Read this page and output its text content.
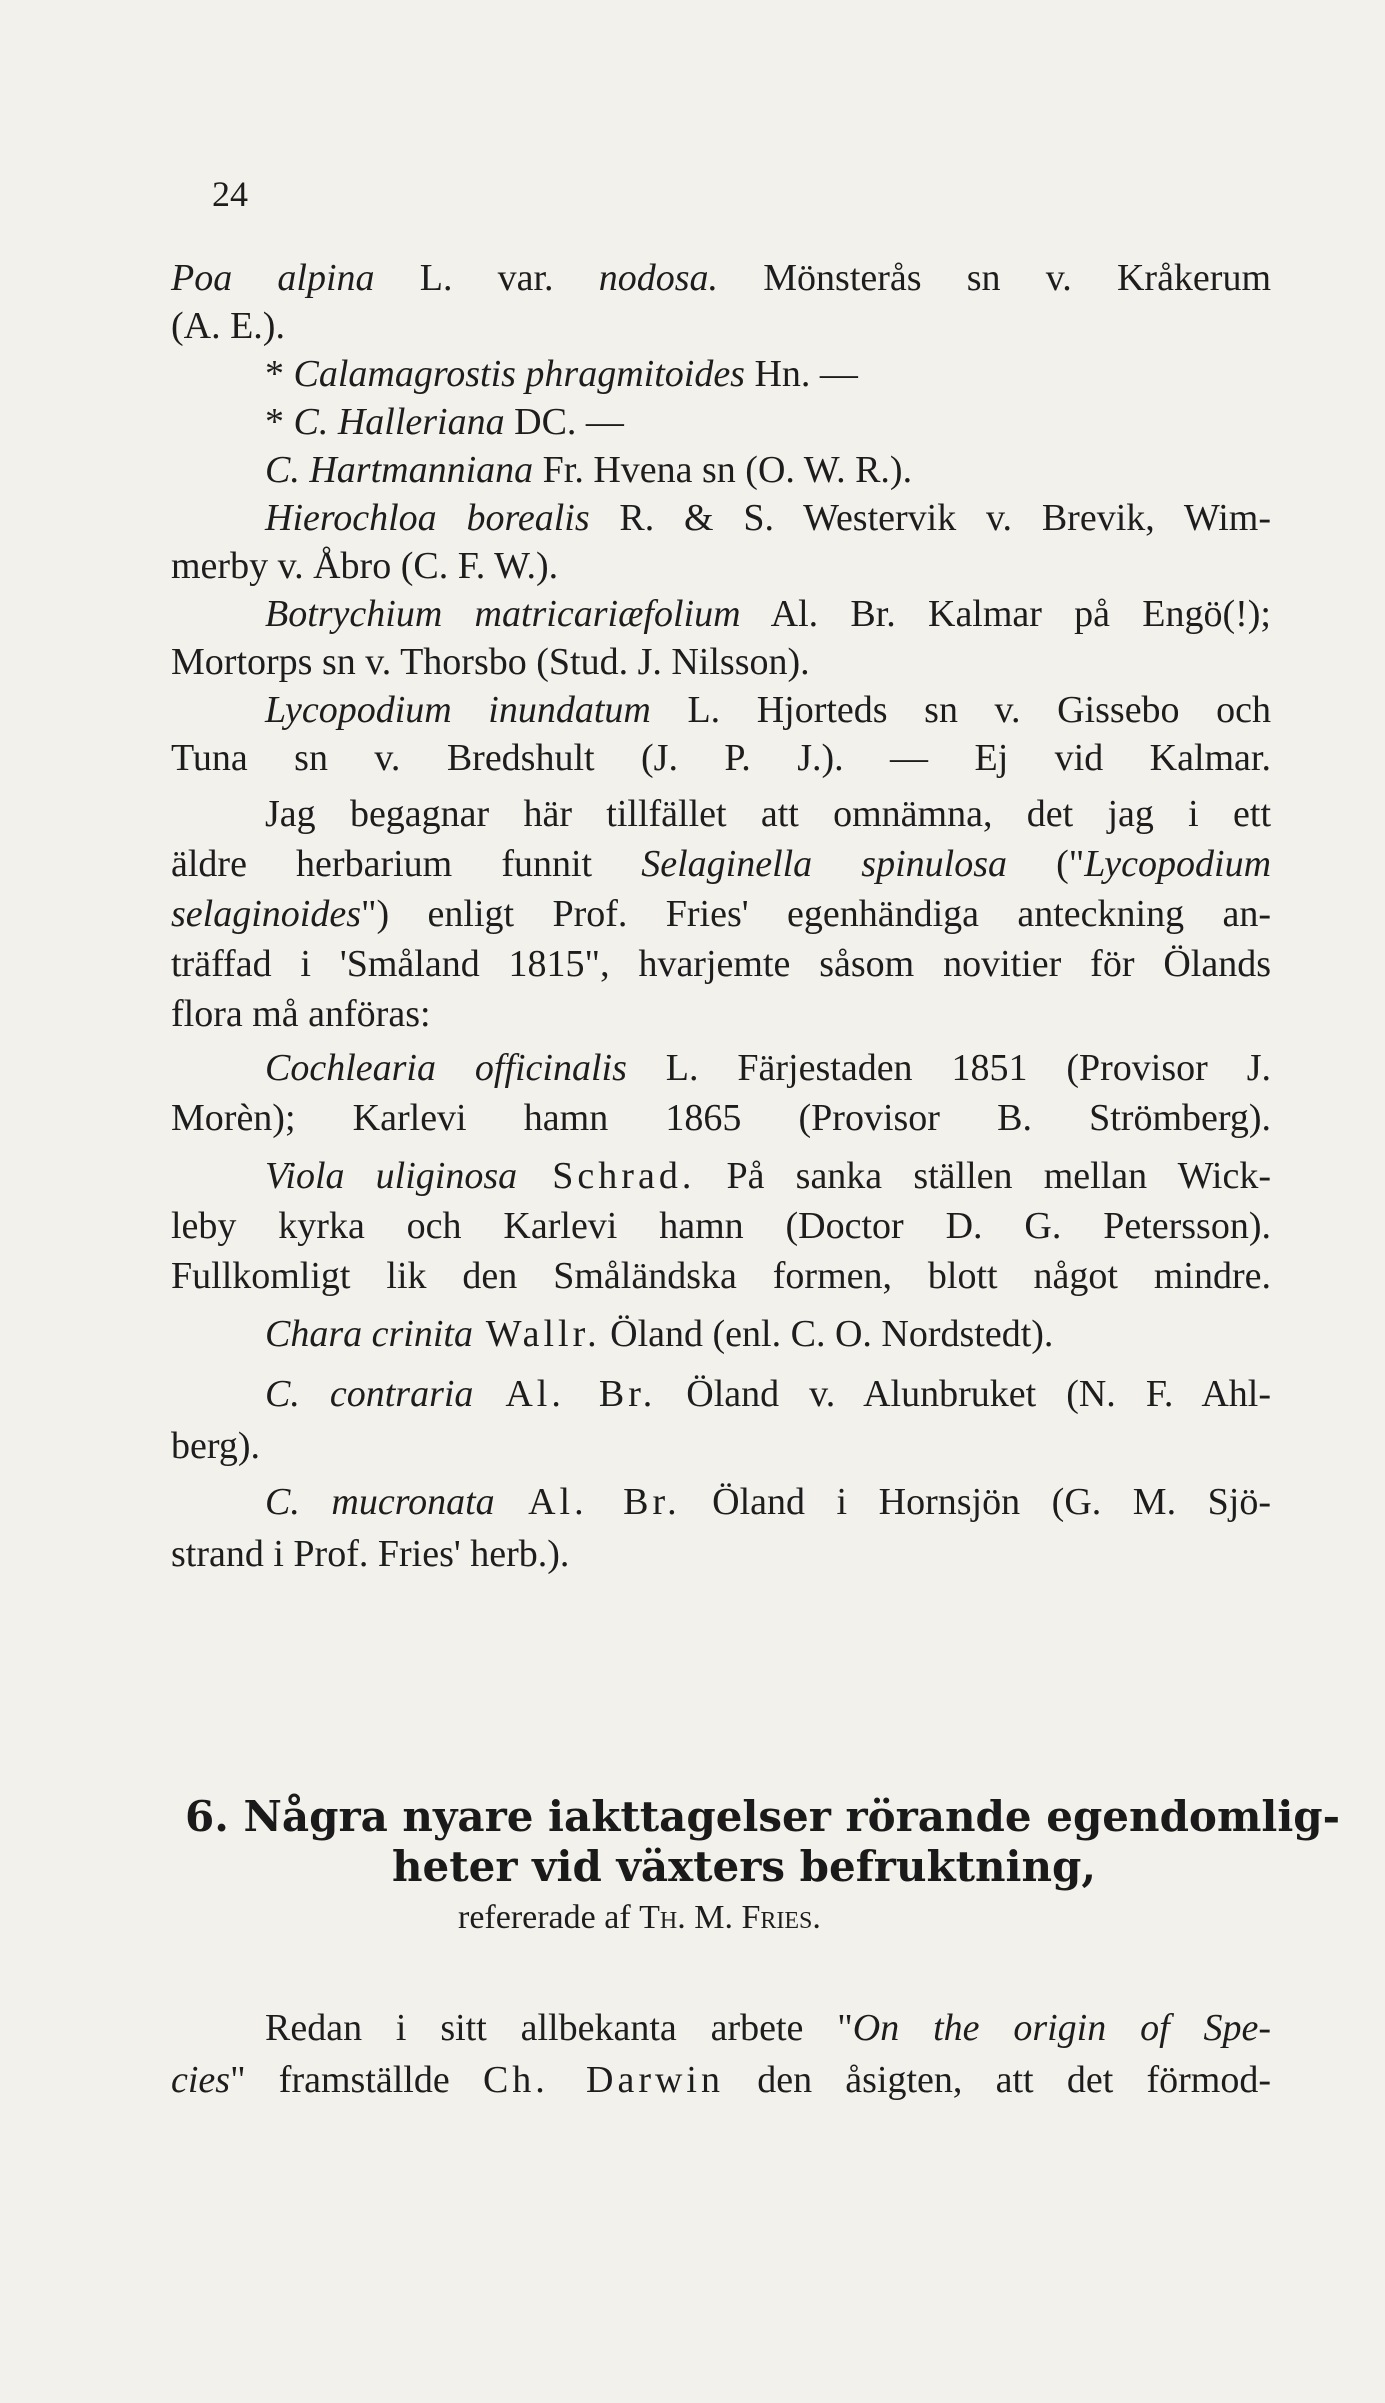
24
Poa alpina L. var. nodosa. Mönsterås sn v. Kråkerum
(A. E.).
* Calamagrostis phragmitoides Hn. —
* C. Halleriana DC. —
C. Hartmanniana Fr. Hvena sn (O. W. R.).
Hierochloa borealis R. & S. Westervik v. Brevik, Wim-
merby v. Åbro (C. F. W.).
Botrychium matricariæfolium Al. Br. Kalmar på Engö(!);
Mortorps sn v. Thorsbo (Stud. J. Nilsson).
Lycopodium inundatum L. Hjorteds sn v. Gissebo och
Tuna sn v. Bredshult (J. P. J.). — Ej vid Kalmar.
Jag begagnar här tillfället att omnämna, det jag i ett
äldre herbarium funnit Selaginella spinulosa ("Lycopodium
selaginoides") enligt Prof. Fries' egenhändiga anteckning an-
träffad i 'Småland 1815", hvarjemte såsom novitier för Ölands
flora må anföras:
Cochlearia officinalis L. Färjestaden 1851 (Provisor J.
Morèn); Karlevi hamn 1865 (Provisor B. Strömberg).
Viola uliginosa Schrad. På sanka ställen mellan Wick-
leby kyrka och Karlevi hamn (Doctor D. G. Petersson).
Fullkomligt lik den Småländska formen, blott något mindre.
Chara crinita Wallr. Öland (enl. C. O. Nordstedt).
C. contraria Al. Br. Öland v. Alunbruket (N. F. Ahl-
berg).
C. mucronata Al. Br. Öland i Hornsjön (G. M. Sjö-
strand i Prof. Fries' herb.).
6. Några nyare iakttagelser rörande egendomlig-
heter vid växters befruktning,
refererade af Th. M. Fries.
Redan i sitt allbekanta arbete "On the origin of Spe-
cies" framställde Ch. Darwin den åsigten, att det förmod-
